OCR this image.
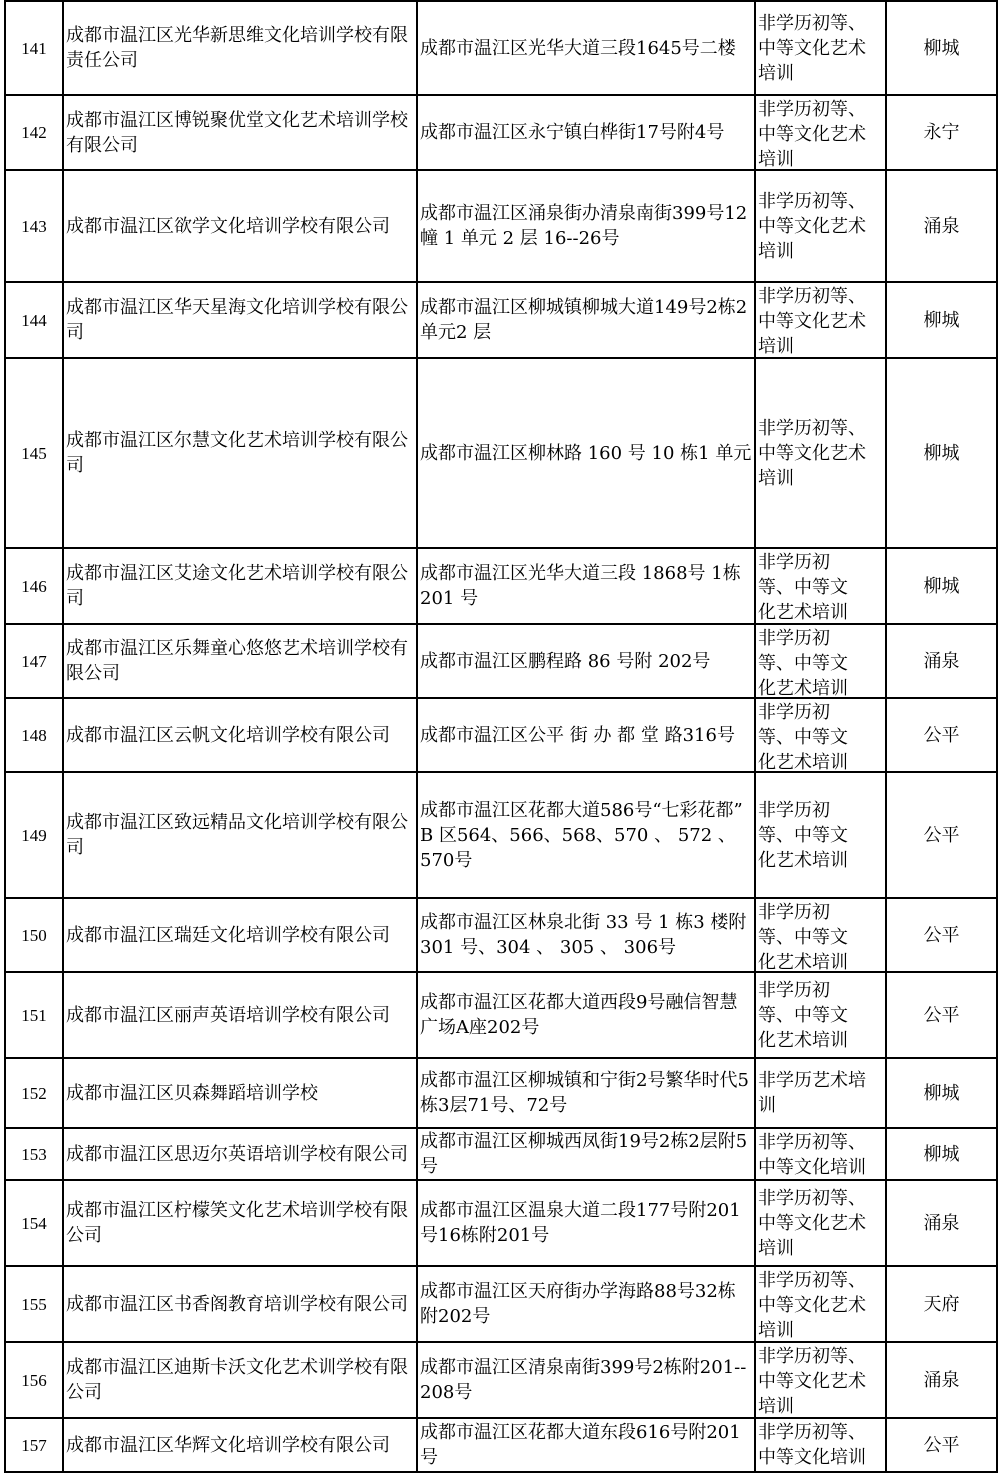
141	成都市温江区光华新思维文化培训学校有限责任公司	成都市温江区光华大道三段1645号二楼	非学历初等、中等文化艺术培训	柳城

142	成都市温江区博锐聚优堂文化艺术培训学校有限公司	成都市温江区永宁镇白桦街17号附4号	非学历初等、中等文化艺术培训	永宁

143	成都市温江区欲学文化培训学校有限公司	成都市温江区涌泉街办清泉南街399号12幢 1 单元 2 层 16--26号	非学历初等、中等文化艺术培训	涌泉

144	成都市温江区华天星海文化培训学校有限公司	成都市温江区柳城镇柳城大道149号2栋2单元2 层	非学历初等、中等文化艺术培训	柳城

145	成都市温江区尔慧文化艺术培训学校有限公司	成都市温江区柳林路 160 号 10 栋1 单元	非学历初等、中等文化艺术培训	柳城

146	成都市温江区艾途文化艺术培训学校有限公司	成都市温江区光华大道三段 1868号 1栋 201 号	非学历初等、中等文化艺术培训	柳城

147	成都市温江区乐舞童心悠悠艺术培训学校有限公司	成都市温江区鹏程路 86 号附 202号	非学历初等、中等文化艺术培训	涌泉

148	成都市温江区云帆文化培训学校有限公司	成都市温江区公平 街 办 都 堂 路316号	非学历初等、中等文化艺术培训	公平

149	成都市温江区致远精品文化培训学校有限公司	成都市温江区花都大道586号“七彩花都” B 区564、566、568、570 、 572 、 570号	非学历初等、中等文化艺术培训	公平

150	成都市温江区瑞廷文化培训学校有限公司	成都市温江区林泉北街 33 号 1 栋3 楼附 301 号、304 、 305 、 306号	非学历初等、中等文化艺术培训	公平

151	成都市温江区丽声英语培训学校有限公司	成都市温江区花都大道西段9号融信智慧广场A座202号	非学历初等、中等文化艺术培训	公平

152	成都市温江区贝森舞蹈培训学校	成都市温江区柳城镇和宁街2号繁华时代5栋3层71号、72号	非学历艺术培训	柳城

153	成都市温江区思迈尔英语培训学校有限公司	成都市温江区柳城西凤街19号2栋2层附5号	非学历初等、中等文化培训	柳城

154	成都市温江区柠檬笑文化艺术培训学校有限公司	成都市温江区温泉大道二段177号附201号16栋附201号	非学历初等、中等文化艺术培训	涌泉

155	成都市温江区书香阁教育培训学校有限公司	成都市温江区天府街办学海路88号32栋附202号	非学历初等、中等文化艺术培训	天府

156	成都市温江区迪斯卡沃文化艺术训学校有限公司	成都市温江区清泉南街399号2栋附201--208号	非学历初等、中等文化艺术培训	涌泉

157	成都市温江区华辉文化培训学校有限公司	成都市温江区花都大道东段616号附201号	非学历初等、中等文化培训	公平
